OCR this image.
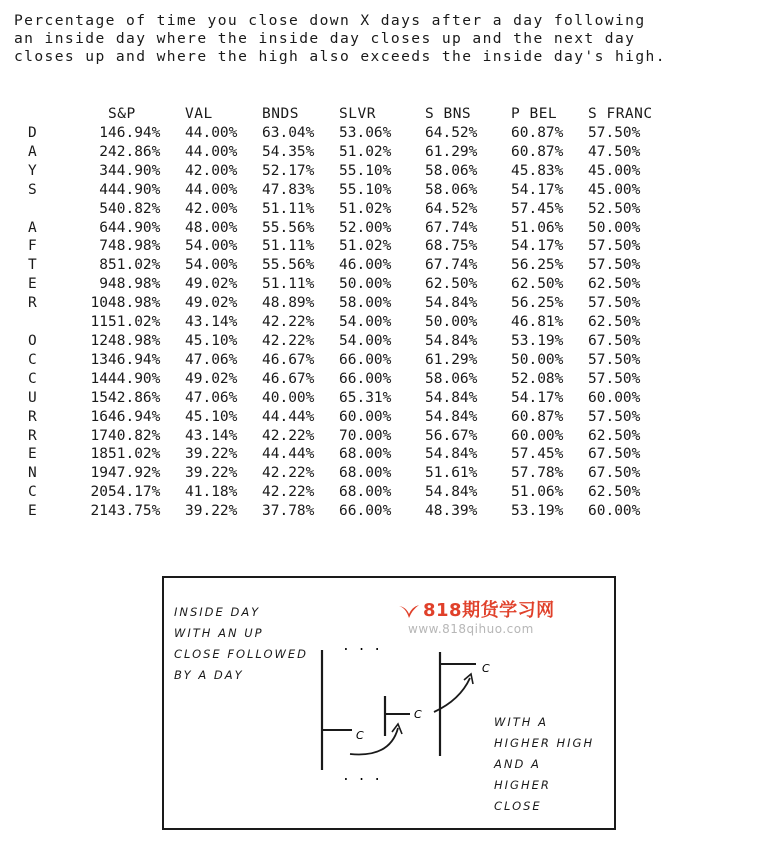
Percentage of time you close down X days after a day following
an inside day where the inside day closes up and the next day
closes up and where the high also exceeds the inside day's high.
		S&P	VAL	BNDS	SLVR	S BNS	P BEL	S FRANC
D	1	46.94%	44.00%	63.04%	53.06%	64.52%	60.87%	57.50%
A	2	42.86%	44.00%	54.35%	51.02%	61.29%	60.87%	47.50%
Y	3	44.90%	42.00%	52.17%	55.10%	58.06%	45.83%	45.00%
S	4	44.90%	44.00%	47.83%	55.10%	58.06%	54.17%	45.00%
	5	40.82%	42.00%	51.11%	51.02%	64.52%	57.45%	52.50%
A	6	44.90%	48.00%	55.56%	52.00%	67.74%	51.06%	50.00%
F	7	48.98%	54.00%	51.11%	51.02%	68.75%	54.17%	57.50%
T	8	51.02%	54.00%	55.56%	46.00%	67.74%	56.25%	57.50%
E	9	48.98%	49.02%	51.11%	50.00%	62.50%	62.50%	62.50%
R	10	48.98%	49.02%	48.89%	58.00%	54.84%	56.25%	57.50%
	11	51.02%	43.14%	42.22%	54.00%	50.00%	46.81%	62.50%
O	12	48.98%	45.10%	42.22%	54.00%	54.84%	53.19%	67.50%
C	13	46.94%	47.06%	46.67%	66.00%	61.29%	50.00%	57.50%
C	14	44.90%	49.02%	46.67%	66.00%	58.06%	52.08%	57.50%
U	15	42.86%	47.06%	40.00%	65.31%	54.84%	54.17%	60.00%
R	16	46.94%	45.10%	44.44%	60.00%	54.84%	60.87%	57.50%
R	17	40.82%	43.14%	42.22%	70.00%	56.67%	60.00%	62.50%
E	18	51.02%	39.22%	44.44%	68.00%	54.84%	57.45%	67.50%
N	19	47.92%	39.22%	42.22%	68.00%	51.61%	57.78%	67.50%
C	20	54.17%	41.18%	42.22%	68.00%	54.84%	51.06%	62.50%
E	21	43.75%	39.22%	37.78%	66.00%	48.39%	53.19%	60.00%
INSIDE DAY
WITH AN UP
CLOSE FOLLOWED
BY A DAY
WITH A
HIGHER HIGH
AND A
HIGHER
CLOSE
C
C
C
. . .
. . .
818期货学习网
www.818qihuo.com
